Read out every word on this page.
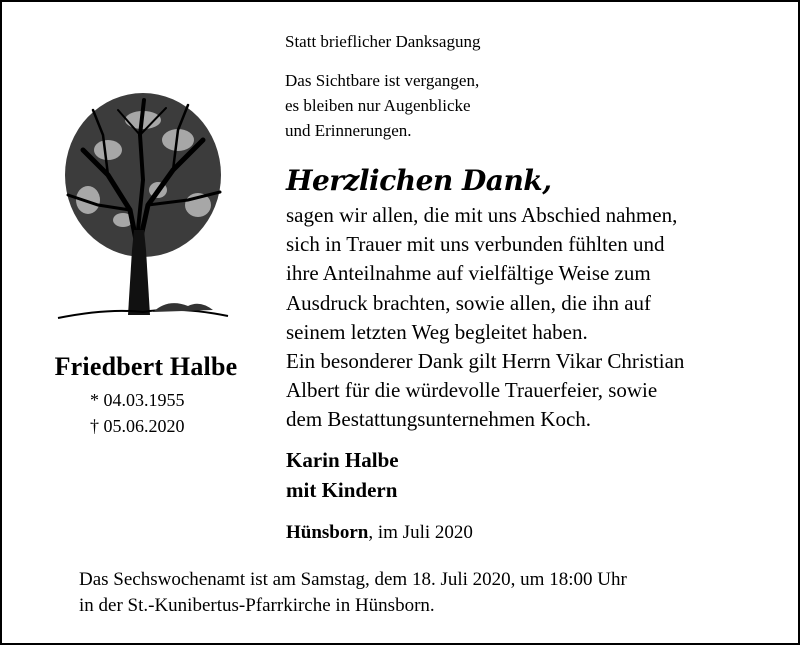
Friedbert Halbe
* 04.03.1955
† 05.06.2020
Statt brieflicher Danksagung
Das Sichtbare ist vergangen,
es bleiben nur Augenblicke
und Erinnerungen.
Herzlichen Dank,
sagen wir allen, die mit uns Abschied nahmen,
sich in Trauer mit uns verbunden fühlten und
ihre Anteilnahme auf vielfältige Weise zum
Ausdruck brachten, sowie allen, die ihn auf
seinem letzten Weg begleitet haben.
Ein besonderer Dank gilt Herrn Vikar Christian
Albert für die würdevolle Trauerfeier, sowie
dem Bestattungsunternehmen Koch.
Karin Halbe
mit Kindern
Hünsborn, im Juli 2020
Das Sechswochenamt ist am Samstag, dem 18. Juli 2020, um 18:00 Uhr
in der St.-Kunibertus-Pfarrkirche in Hünsborn.
